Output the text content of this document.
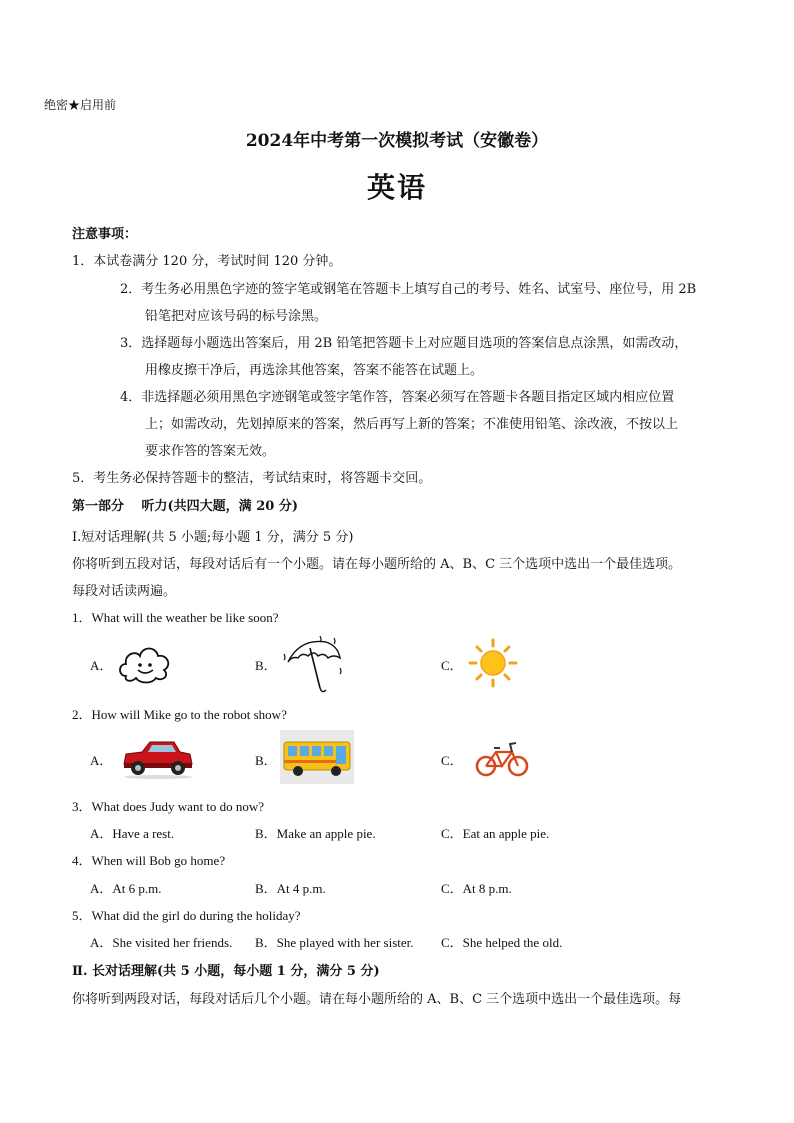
绝密★启用前
2024年中考第一次模拟考试（安徽卷）
英语
注意事项：
1．本试卷满分 120 分，考试时间 120 分钟。
2．考生务必用黑色字迹的签字笔或钢笔在答题卡上填写自己的考号、姓名、试室号、座位号，用 2B
铅笔把对应该号码的标号涂黑。
3．选择题每小题选出答案后，用 2B 铅笔把答题卡上对应题目选项的答案信息点涂黑，如需改动，
用橡皮擦干净后，再选涂其他答案，答案不能答在试题上。
4．非选择题必须用黑色字迹钢笔或签字笔作答，答案必须写在答题卡各题目指定区域内相应位置
上；如需改动，先划掉原来的答案，然后再写上新的答案；不准使用铅笔、涂改液，不按以上
要求作答的答案无效。
5．考生务必保持答题卡的整洁，考试结束时，将答题卡交回。
第一部分　 听力(共四大题，满 20 分)
Ⅰ.短对话理解(共 5 小题;每小题 1 分，满分 5 分)
你将听到五段对话，每段对话后有一个小题。请在每小题所给的 A、B、C 三个选项中选出一个最佳选项。
每段对话读两遍。
1．What will the weather be like soon?
A．	B．	C．
2．How will Mike go to the robot show?
A．	B．	C．
3．What does Judy want to do now?
A．Have a rest.	B．Make an apple pie.	C．Eat an apple pie.
4．When will Bob go home?
A．At 6 p.m.	B．At 4 p.m.	C．At 8 p.m.
5．What did the girl do during the holiday?
A．She visited her friends. B．She played with her sister. C．She helped the old.
Ⅱ. 长对话理解(共 5 小题，每小题 1 分，满分 5 分)
你将听到两段对话，每段对话后几个小题。请在每小题所给的 A、B、C 三个选项中选出一个最佳选项。每
